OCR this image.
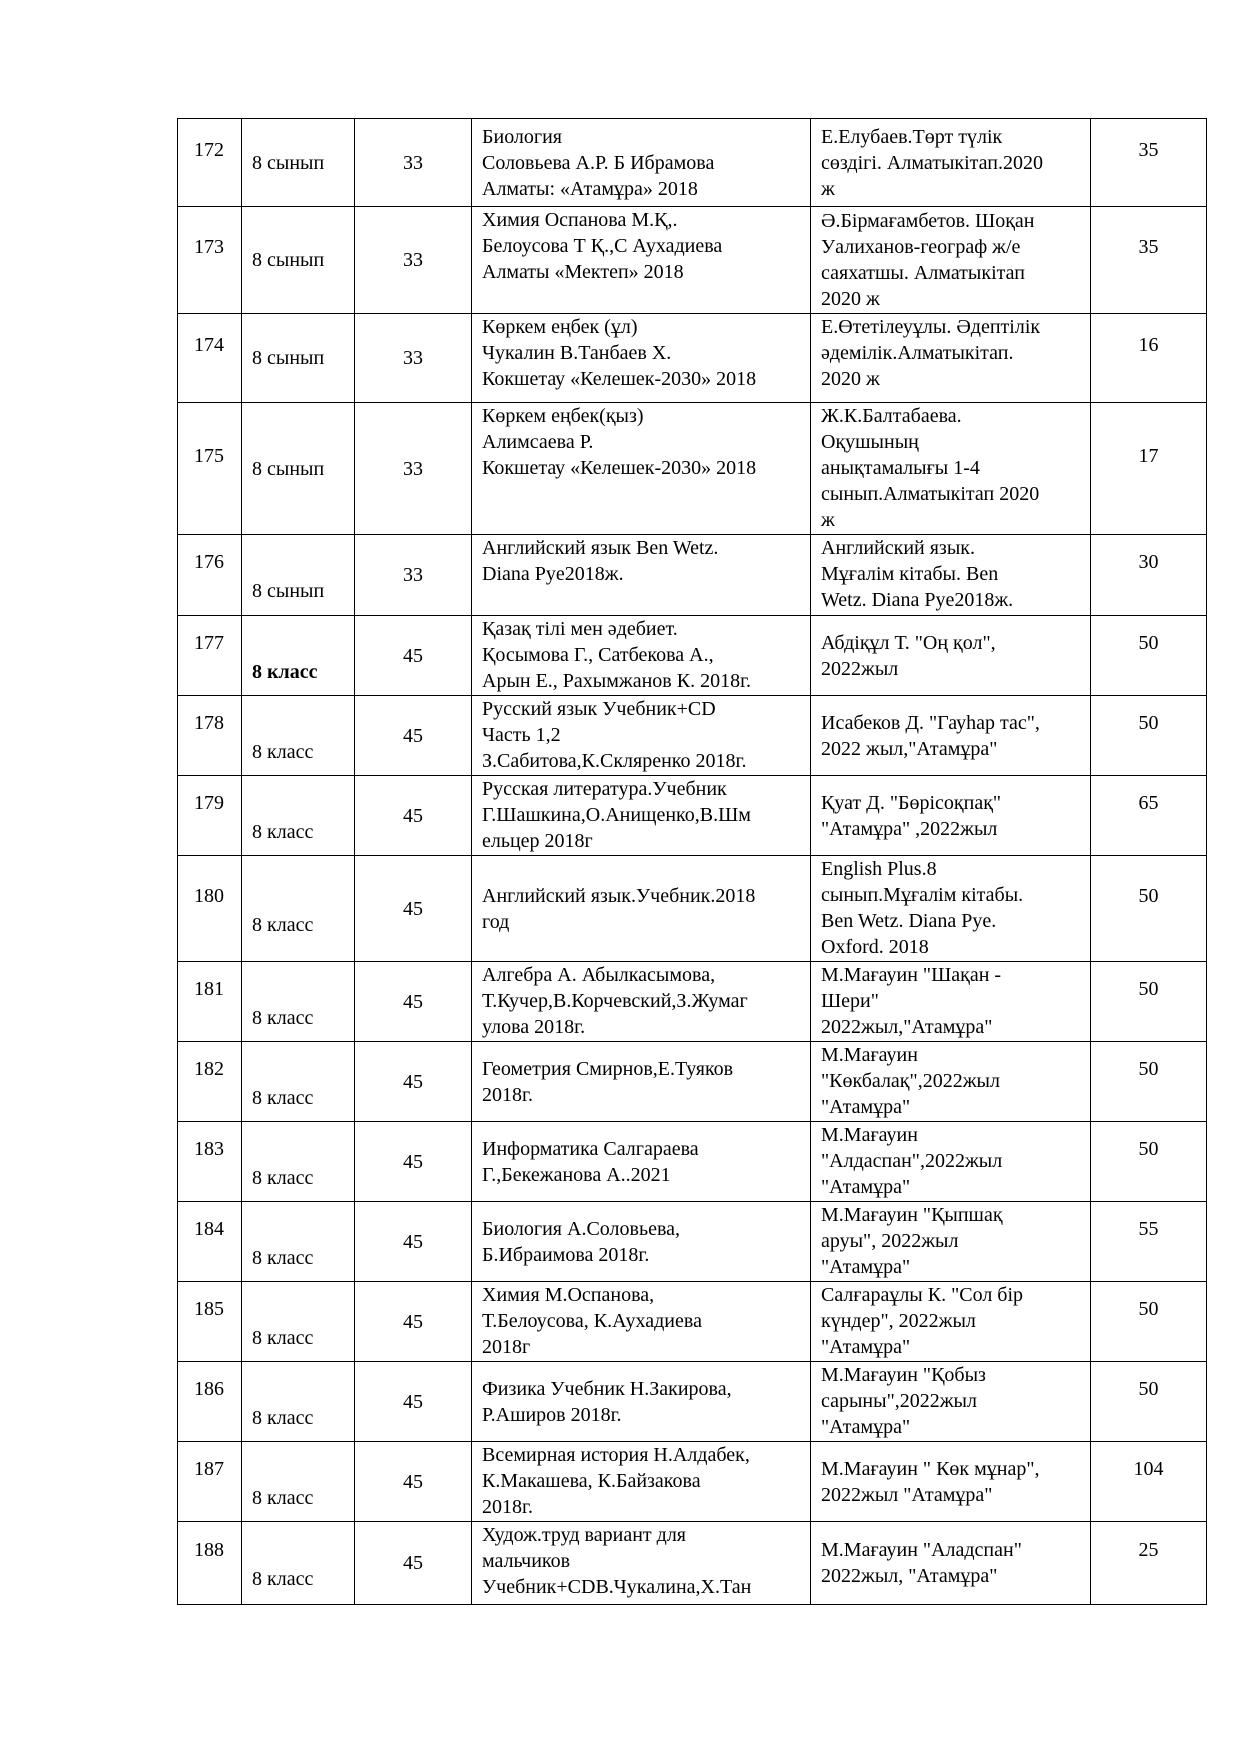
172	8 сынып	33	Биология
Соловьева А.Р. Б Ибрамова
Алматы: «Атамұра» 2018	Е.Елубаев.Төрт түлік
сөздігі. Алматыкітап.2020
ж	35

173	8 сынып	33	Химия Оспанова М.Қ,.
Белоусова Т Қ.,С Аухадиева
Алматы «Мектеп» 2018	Ә.Бірмағамбетов. Шоқан
Уалиханов-географ ж/е
саяхатшы. Алматыкітап
2020 ж	35

174	8 сынып	33	Көркем еңбек (ұл)
Чукалин В.Танбаев Х.
Кокшетау «Келешек-2030» 2018	Е.Өтетілеуұлы. Әдептілік
әдемілік.Алматыкітап.
2020 ж	16

175	8 сынып	33	Көркем еңбек(қыз)
Алимсаева Р.
Кокшетау «Келешек-2030» 2018	Ж.К.Балтабаева.
Оқушының
анықтамалығы 1-4
сынып.Алматыкітап 2020
ж	17

176	8 сынып	33	Английский язык Ben Wetz.
Diana Pye2018ж.	Английский язык.
Мұғалім кітабы. Ben
Wetz. Diana Pye2018ж.	30

177	8 класс	45	Қазақ тілі мен әдебиет.
Қосымова Г., Сатбекова А.,
Арын Е., Рахымжанов К. 2018г.	Абдіқұл Т. "Оң қол",
2022жыл	50

178	8 класс	45	Русский язык Учебник+CD
Часть 1,2
З.Сабитова,К.Скляренко 2018г.	Исабеков Д. "Гауһар тас",
2022 жыл,"Атамұра"	50

179	8 класс	45	Русская литература.Учебник
Г.Шашкина,О.Анищенко,В.Шм
ельцер 2018г	Қуат Д. "Бөрісоқпақ"
"Атамұра" ,2022жыл	65

180	8 класс	45	Английский язык.Учебник.2018
год	English Plus.8
сынып.Мұғалім кітабы.
Ben Wetz. Diana Pye.
Oxford. 2018	50

181	8 класс	45	Алгебра А. Абылкасымова,
Т.Кучер,В.Корчевский,З.Жумаг
улова 2018г.	М.Мағауин "Шақан -
Шери"
2022жыл,"Атамұра"	50

182	8 класс	45	Геометрия Смирнов,Е.Туяков
2018г.	М.Мағауин
"Көкбалақ",2022жыл
"Атамұра"	50

183	8 класс	45	Информатика Салгараева
Г.,Бекежанова А..2021	М.Мағауин
"Алдаспан",2022жыл
"Атамұра"	50

184	8 класс	45	Биология А.Соловьева,
Б.Ибраимова 2018г.	М.Мағауин "Қыпшақ
аруы", 2022жыл
"Атамұра"	55

185	8 класс	45	Химия М.Оспанова,
Т.Белоусова, К.Аухадиева
2018г	Салғараұлы К. "Сол бір
күндер", 2022жыл
"Атамұра"	50

186	8 класс	45	Физика Учебник Н.Закирова,
Р.Аширов 2018г.	М.Мағауин "Қобыз
сарыны",2022жыл
"Атамұра"	50

187	8 класс	45	Всемирная история Н.Алдабек,
К.Макашева, К.Байзакова
2018г.	М.Мағауин " Көк мұнар",
2022жыл "Атамұра"	104

188	8 класс	45	Худож.труд вариант для
мальчиков
Учебник+CDВ.Чукалина,Х.Тан	М.Мағауин "Аладспан"
2022жыл, "Атамұра"	25
